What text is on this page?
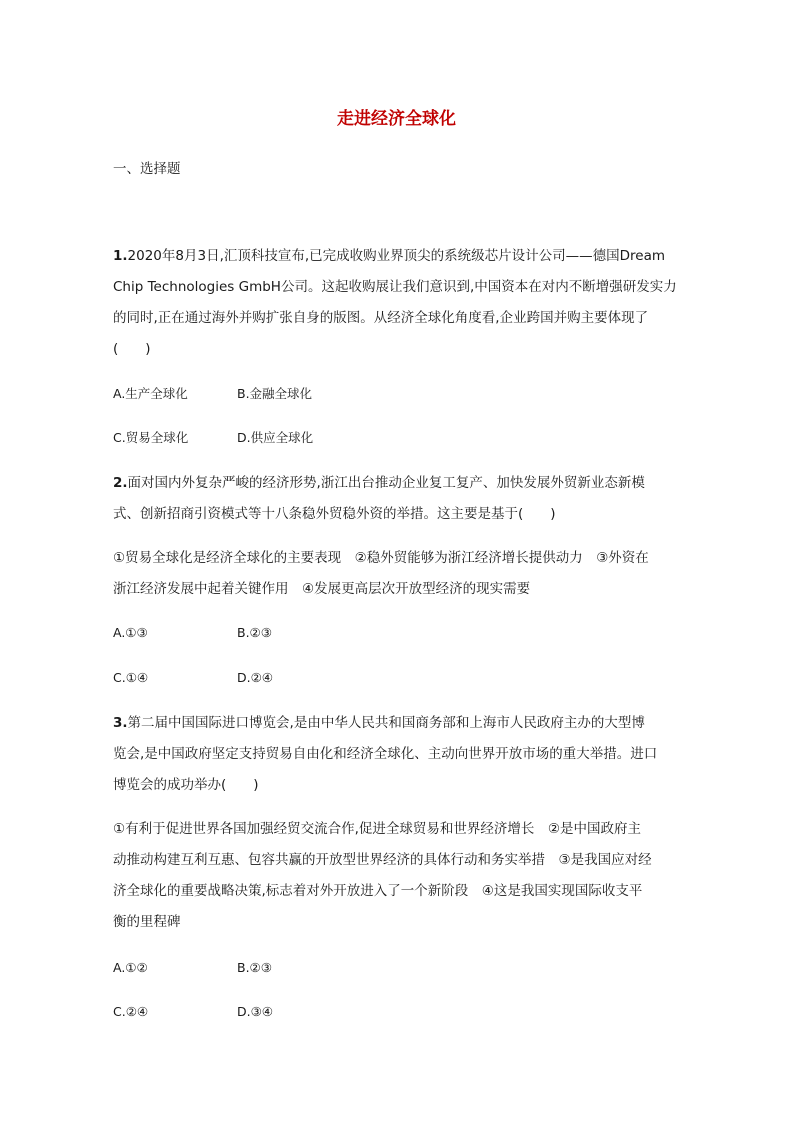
走进经济全球化
一、选择题
1.2020年8月3日,汇顶科技宣布,已完成收购业界顶尖的系统级芯片设计公司——德国Dream
Chip Technologies GmbH公司。这起收购展让我们意识到,中国资本在对内不断增强研发实力
的同时,正在通过海外并购扩张自身的版图。从经济全球化角度看,企业跨国并购主要体现了
(　　)
A.生产全球化	B.金融全球化
C.贸易全球化	D.供应全球化
2.面对国内外复杂严峻的经济形势,浙江出台推动企业复工复产、加快发展外贸新业态新模
式、创新招商引资模式等十八条稳外贸稳外资的举措。这主要是基于(　　)
①贸易全球化是经济全球化的主要表现　②稳外贸能够为浙江经济增长提供动力　③外资在
浙江经济发展中起着关键作用　④发展更高层次开放型经济的现实需要
A.①③	B.②③
C.①④	D.②④
3.第二届中国国际进口博览会,是由中华人民共和国商务部和上海市人民政府主办的大型博
览会,是中国政府坚定支持贸易自由化和经济全球化、主动向世界开放市场的重大举措。进口
博览会的成功举办(　　)
①有利于促进世界各国加强经贸交流合作,促进全球贸易和世界经济增长　②是中国政府主
动推动构建互利互惠、包容共赢的开放型世界经济的具体行动和务实举措　③是我国应对经
济全球化的重要战略决策,标志着对外开放进入了一个新阶段　④这是我国实现国际收支平
衡的里程碑
A.①②	B.②③
C.②④	D.③④
